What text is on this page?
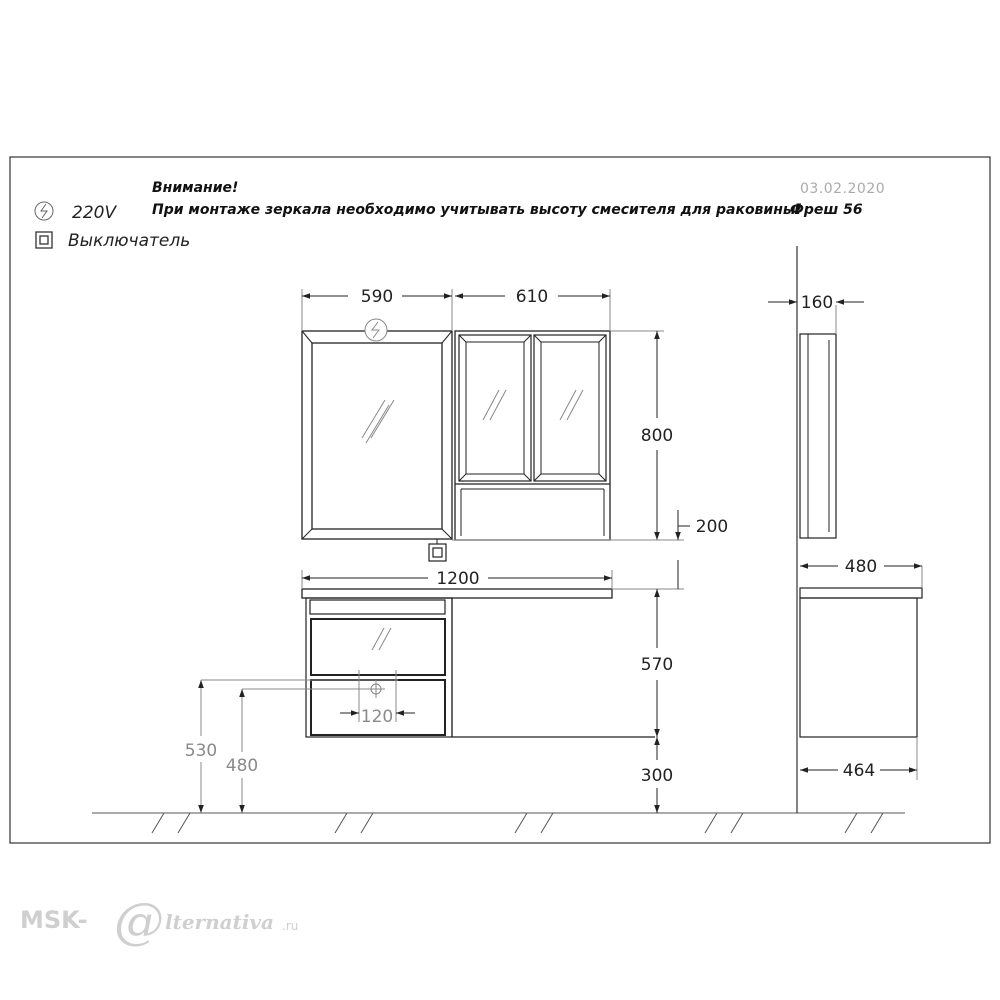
Внимание!
При монтаже зеркала необходимо учитывать высоту смесителя для раковины!
Фреш 56
03.02.2020
220V
Выключатель
590	610	160
800
200
1200
480
570
300	464
120
530
480
MSK- @ lternativa .ru
